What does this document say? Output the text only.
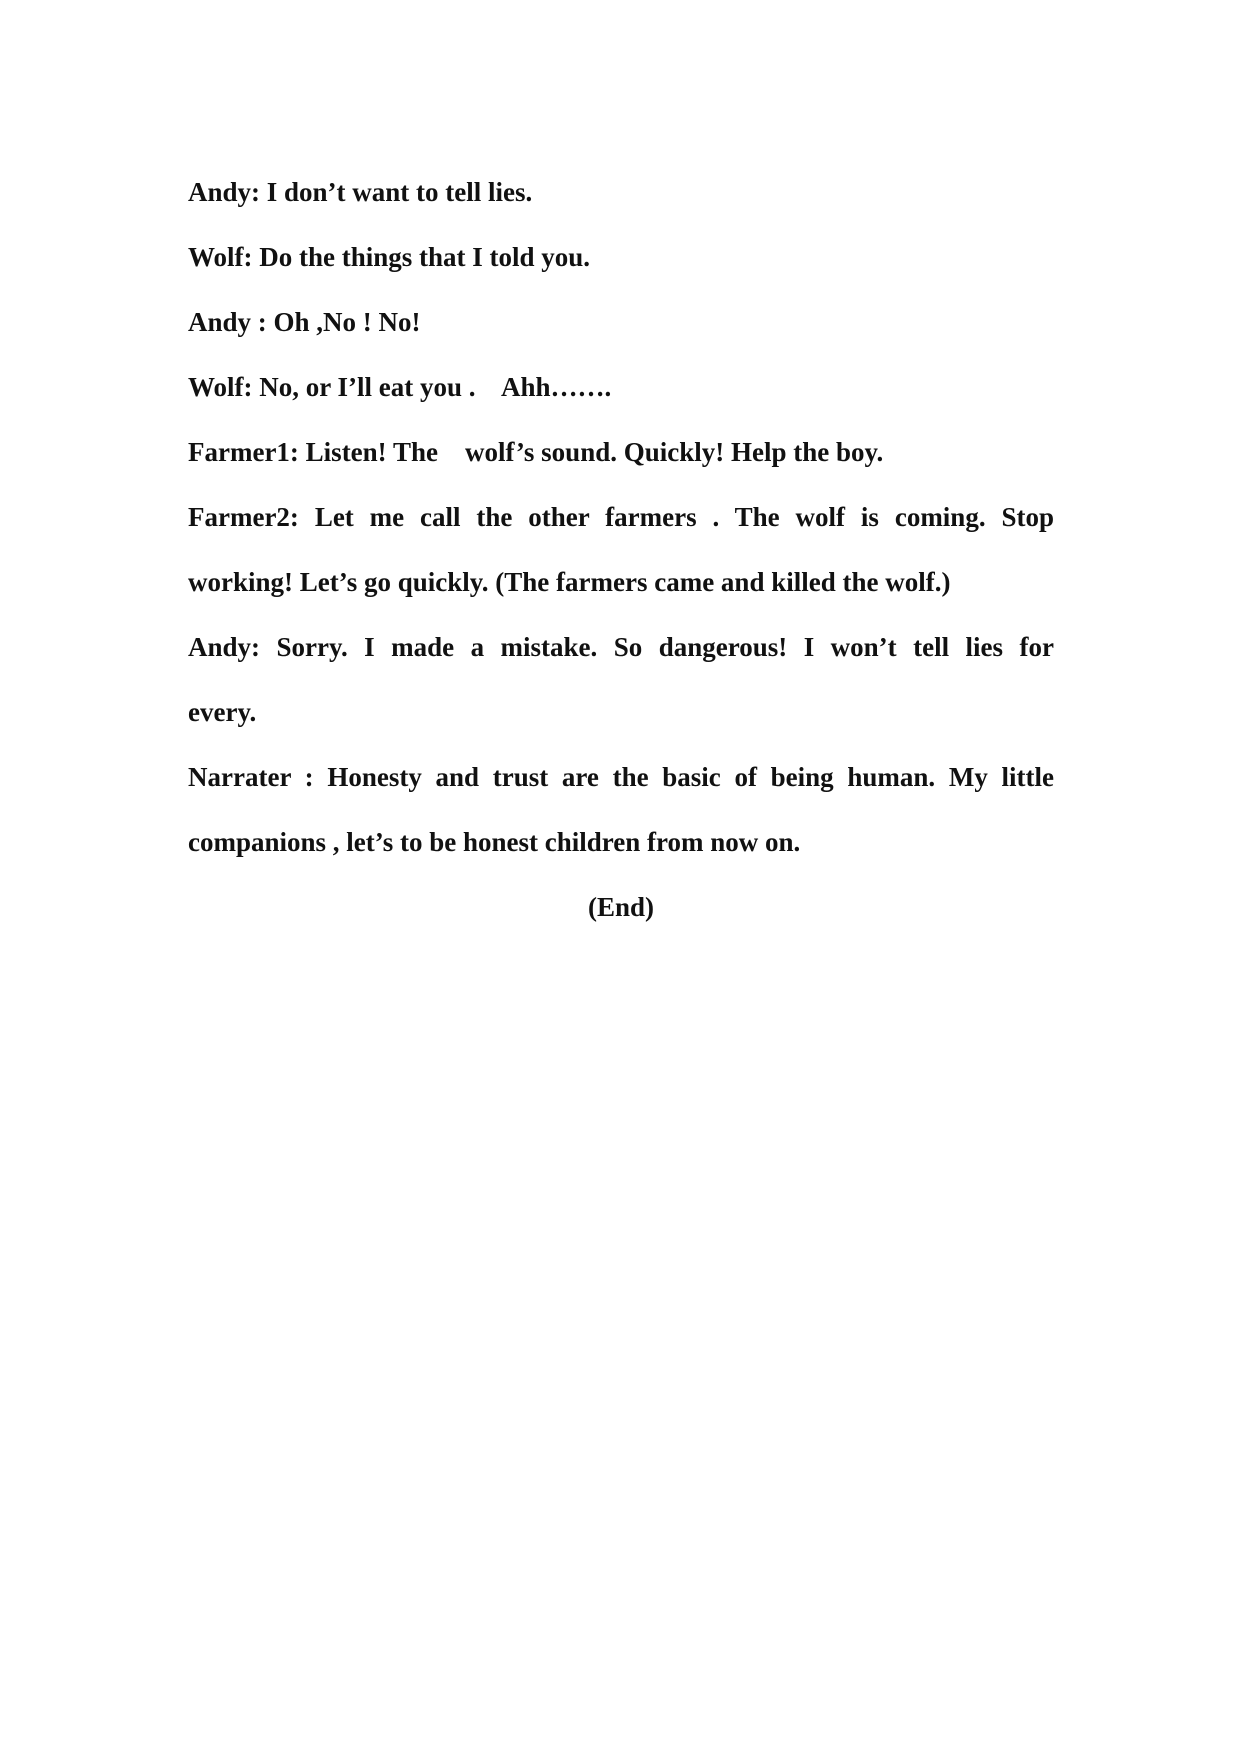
Andy: I don’t want to tell lies.
Wolf: Do the things that I told you.
Andy : Oh ,No ! No!
Wolf: No, or I’ll eat you .    Ahh…….
Farmer1: Listen! The    wolf’s sound. Quickly! Help the boy.
Farmer2: Let me call the other farmers . The wolf is coming. Stop
working! Let’s go quickly. (The farmers came and killed the wolf.)
Andy: Sorry. I made a mistake. So dangerous! I won’t tell lies for
every.
Narrater : Honesty and trust are the basic of being human. My little
companions , let’s to be honest children from now on.
(End)
